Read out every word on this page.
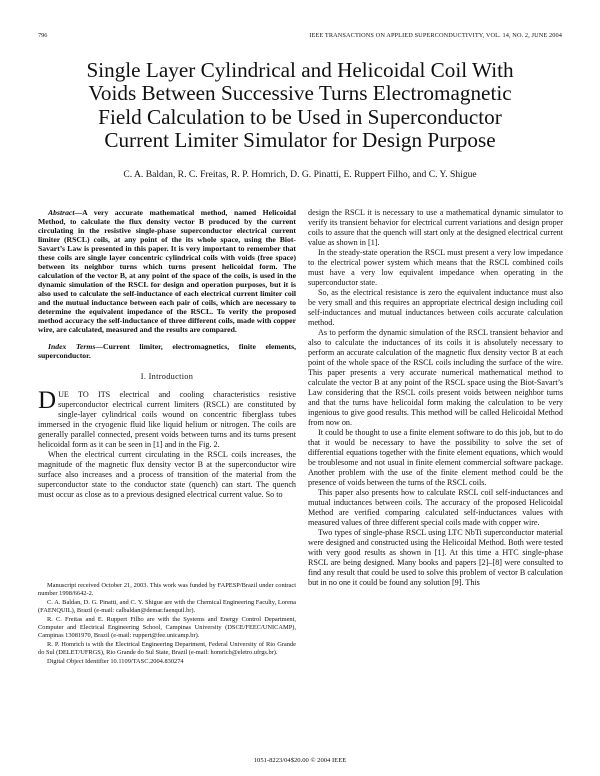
796	IEEE TRANSACTIONS ON APPLIED SUPERCONDUCTIVITY, VOL. 14, NO. 2, JUNE 2004
Single Layer Cylindrical and Helicoidal Coil With
Voids Between Successive Turns Electromagnetic
Field Calculation to be Used in Superconductor
Current Limiter Simulator for Design Purpose
C. A. Baldan, R. C. Freitas, R. P. Homrich, D. G. Pinatti, E. Ruppert Filho, and C. Y. Shigue
Abstract—A very accurate mathematical method, named Helicoidal Method, to calculate the flux density vector B produced by the current circulating in the resistive single-phase superconductor electrical current limiter (RSCL) coils, at any point of the its whole space, using the Biot-Savart’s Law is presented in this paper. It is very important to remember that these coils are single layer concentric cylindrical coils with voids (free space) between its neighbor turns which turns present helicoidal form. The calculation of the vector B, at any point of the space of the coils, is used in the dynamic simulation of the RSCL for design and operation purposes, but it is also used to calculate the self-inductance of each electrical current limiter coil and the mutual inductance between each pair of coils, which are necessary to determine the equivalent impedance of the RSCL. To verify the proposed method accuracy the self-inductance of three different coils, made with copper wire, are calculated, measured and the results are compared.
Index Terms—Current limiter, electromagnetics, finite elements, superconductor.
I. Introduction

DUE TO ITS electrical and cooling characteristics resistive superconductor electrical current limiters (RSCL) are constituted by single-layer cylindrical coils wound on concentric fiberglass tubes immersed in the cryogenic fluid like liquid helium or nitrogen. The coils are generally parallel connected, present voids between turns and its turns present helicoidal form as it can be seen in [1] and in the Fig. 2.

When the electrical current circulating in the RSCL coils increases, the magnitude of the magnetic flux density vector B at the superconductor wire surface also increases and a process of transition of the material from the superconductor state to the conductor state (quench) can start. The quench must occur as close as to a previous designed electrical current value. So to

Manuscript received October 21, 2003. This work was funded by FAPESP/Brazil under contract number 1998/6642-2.

C. A. Baldan, D. G. Pinatti, and C. Y. Shigue are with the Chemical Engineering Faculty, Lorena (FAENQUIL), Brazil (e-mail: calbaldan@demar.faenquil.br).

R. C. Freitas and E. Ruppert Filho are with the Systems and Energy Control Department, Computer and Electrical Engineering School, Campinas University (DSCE/FEEC/UNICAMP), Campinas 13081970, Brazil (e-mail: ruppert@fee.unicamp.br).

R. P. Homrich is with the Electrical Engineering Department, Federal University of Rio Grande do Sul (DELET/UFRGS), Rio Grande do Sul State, Brazil (e-mail: homrich@eletro.ufrgs.br).

Digital Object Identifier 10.1109/TASC.2004.830274

design the RSCL it is necessary to use a mathematical dynamic simulator to verify its transient behavior for electrical current variations and design proper coils to assure that the quench will start only at the designed electrical current value as shown in [1].

In the steady-state operation the RSCL must present a very low impedance to the electrical power system which means that the RSCL combined coils must have a very low equivalent impedance when operating in the superconductor state.

So, as the electrical resistance is zero the equivalent inductance must also be very small and this requires an appropriate electrical design including coil self-inductances and mutual inductances between coils accurate calculation method.

As to perform the dynamic simulation of the RSCL transient behavior and also to calculate the inductances of its coils it is absolutely necessary to perform an accurate calculation of the magnetic flux density vector B at each point of the whole space of the RSCL coils including the surface of the wire. This paper presents a very accurate numerical mathematical method to calculate the vector B at any point of the RSCL space using the Biot-Savart’s Law considering that the RSCL coils present voids between neighbor turns and that the turns have helicoidal form making the calculation to be very ingenious to give good results. This method will be called Helicoidal Method from now on.

It could be thought to use a finite element software to do this job, but to do that it would be necessary to have the possibility to solve the set of differential equations together with the finite element equations, which would be troublesome and not usual in finite element commercial software package. Another problem with the use of the finite element method could be the presence of voids between the turns of the RSCL coils.

This paper also presents how to calculate RSCL coil self-inductances and mutual inductances between coils. The accuracy of the proposed Helicoidal Method are verified comparing calculated self-inductances values with measured values of three different special coils made with copper wire.

Two types of single-phase RSCL using LTC NbTi superconductor material were designed and constructed using the Helicoidal Method. Both were tested with very good results as shown in [1]. At this time a HTC single-phase RSCL are being designed. Many books and papers [2]–[8] were consulted to find any result that could be used to solve this problem of vector B calculation but in no one it could be found any solution [9]. This

1051-8223/04$20.00 © 2004 IEEE
